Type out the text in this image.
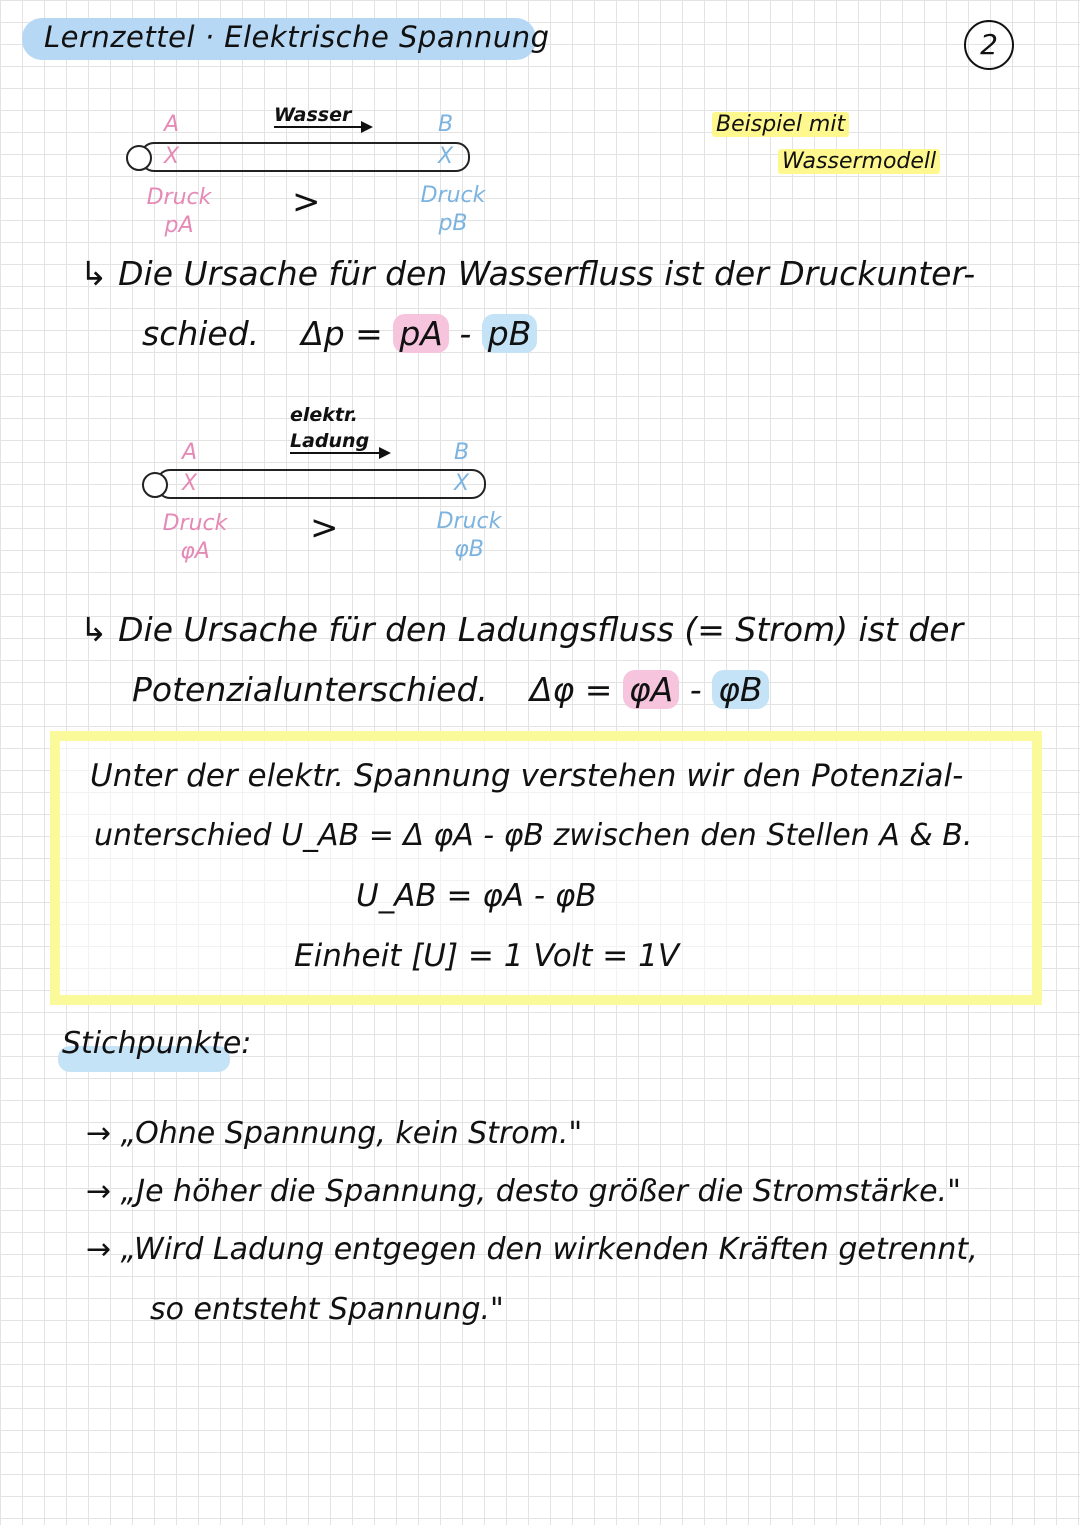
Lernzettel · Elektrische Spannung	2
Beispiel mit
Wassermodell
Wasser
A
X
B
X
Druck
pA
>	Druck
pB
↳ Die Ursache für den Wasserfluss ist der Druckunter-
schied. Δp = pA - pB
elektr.
Ladung
A
X
B
X
Druck
φA
>	Druck
φB
↳ Die Ursache für den Ladungsfluss (= Strom) ist der
Potenzialunterschied. Δφ = φA - φB
Unter der elektr. Spannung verstehen wir den Potenzial-
unterschied U_AB = Δ φA - φB zwischen den Stellen A & B.
U_AB = φA - φB
Einheit [U] = 1 Volt = 1V
Stichpunkte:
→ „Ohne Spannung, kein Strom."
→ „Je höher die Spannung, desto größer die Stromstärke."
→ „Wird Ladung entgegen den wirkenden Kräften getrennt,
so entsteht Spannung."
